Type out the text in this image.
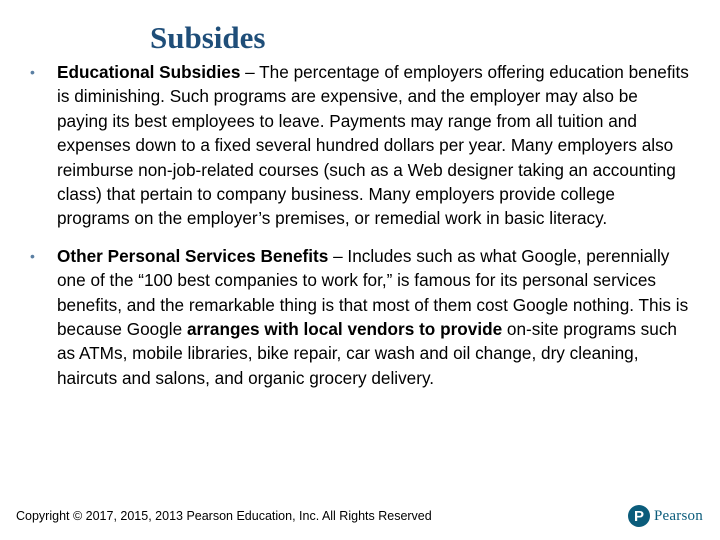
Subsides
• Educational Subsidies – The percentage of employers offering education benefits is diminishing. Such programs are expensive, and the employer may also be paying its best employees to leave. Payments may range from all tuition and expenses down to a fixed several hundred dollars per year. Many employers also reimburse non-job-related courses (such as a Web designer taking an accounting class) that pertain to company business. Many employers provide college programs on the employer’s premises, or remedial work in basic literacy.
• Other Personal Services Benefits – Includes such as what Google, perennially one of the “100 best companies to work for,” is famous for its personal services benefits, and the remarkable thing is that most of them cost Google nothing. This is because Google arranges with local vendors to provide on-site programs such as ATMs, mobile libraries, bike repair, car wash and oil change, dry cleaning, haircuts and salons, and organic grocery delivery.
Copyright © 2017, 2015, 2013 Pearson Education, Inc. All Rights Reserved	P Pearson
